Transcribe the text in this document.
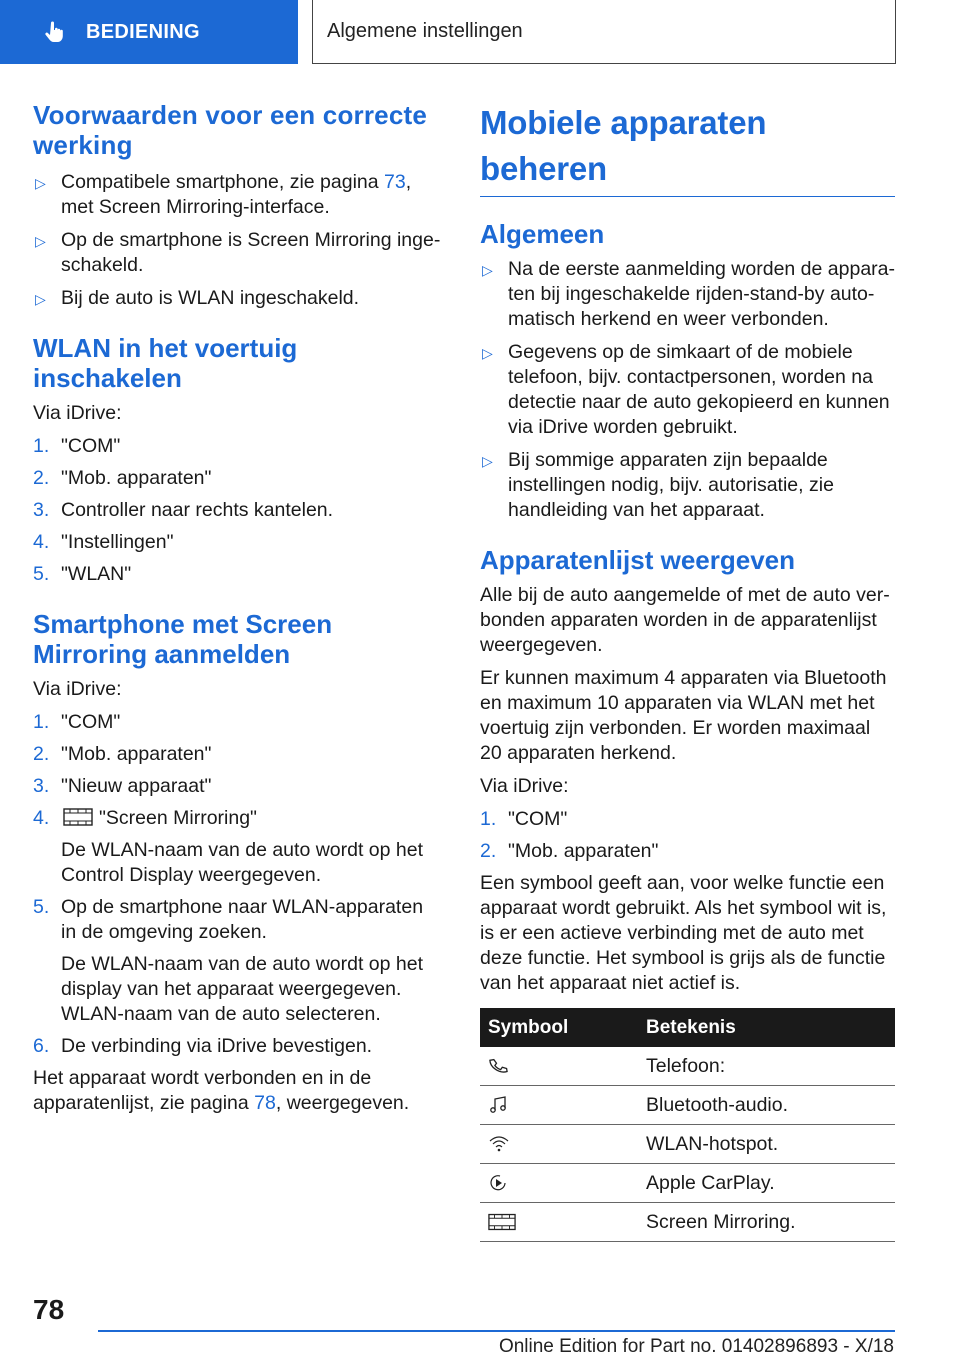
BEDIENING	Algemene instellingen
Voorwaarden voor een correcte werking
▷ Compatibele smartphone, zie pagina 73, met Screen Mirroring-interface.
▷ Op de smartphone is Screen Mirroring ingeschakeld.
▷ Bij de auto is WLAN ingeschakeld.
WLAN in het voertuig inschakelen

Via iDrive:

1. "COM"
2. "Mob. apparaten"
3. Controller naar rechts kantelen.
4. "Instellingen"
5. "WLAN"
Smartphone met Screen Mirroring aanmelden

Via iDrive:

1. "COM"
2. "Mob. apparaten"
3. "Nieuw apparaat"
4.	"Screen Mirroring"
De WLAN-naam van de auto wordt op het Control Display weergegeven.
5. Op de smartphone naar WLAN-apparaten in de omgeving zoeken.
De WLAN-naam van de auto wordt op het display van het apparaat weergegeven. WLAN-naam van de auto selecteren.
6. De verbinding via iDrive bevestigen.

Het apparaat wordt verbonden en in de apparatenlijst, zie pagina 78, weergegeven.

Mobiele apparaten beheren
Algemeen
▷ Na de eerste aanmelding worden de apparaten bij ingeschakelde rijden-stand-by automatisch herkend en weer verbonden.
▷ Gegevens op de simkaart of de mobiele telefoon, bijv. contactpersonen, worden na detectie naar de auto gekopieerd en kunnen via iDrive worden gebruikt.
▷ Bij sommige apparaten zijn bepaalde instellingen nodig, bijv. autorisatie, zie handleiding van het apparaat.
Apparatenlijst weergeven

Alle bij de auto aangemelde of met de auto verbonden apparaten worden in de apparatenlijst weergegeven.

Er kunnen maximum 4 apparaten via Bluetooth en maximum 10 apparaten via WLAN met het voertuig zijn verbonden. Er worden maximaal 20 apparaten herkend.

Via iDrive:

1. "COM"
2. "Mob. apparaten"

Een symbool geeft aan, voor welke functie een apparaat wordt gebruikt. Als het symbool wit is, is er een actieve verbinding met de auto met deze functie. Het symbool is grijs als de functie van het apparaat niet actief is.

Symbool	Betekenis

	Telefoon:

	Bluetooth-audio.

	WLAN-hotspot.

	Apple CarPlay.

	Screen Mirroring.
78
Online Edition for Part no. 01402896893 - X/18
